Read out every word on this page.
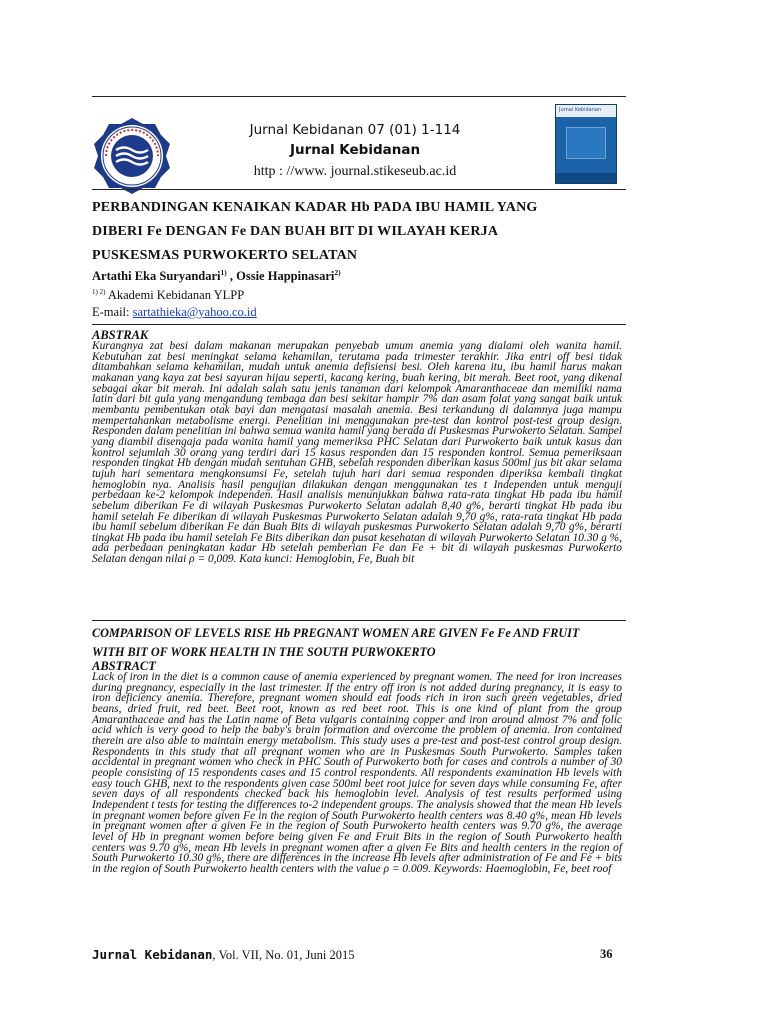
Jurnal Kebidanan 07 (01) 1-114
Jurnal Kebidanan
http : //www. journal.stikeseub.ac.id
Jurnal Kebidanan
PERBANDINGAN KENAIKAN KADAR Hb PADA IBU HAMIL YANG
DIBERI Fe DENGAN Fe DAN BUAH BIT DI WILAYAH KERJA
PUSKESMAS PURWOKERTO SELATAN
Artathi Eka Suryandari$^{1)}$ , Ossie Happinasari$^{2)}$
$^{1) 2)}$ Akademi Kebidanan YLPP
E-mail: sartathieka@yahoo.co.id
ABSTRAK
Kurangnya zat besi dalam makanan merupakan penyebab umum anemia yang dialami oleh wanita hamil. Kebutuhan zat besi meningkat selama kehamilan, terutama pada trimester terakhir. Jika entri off besi tidak ditambahkan selama kehamilan, mudah untuk anemia defisiensi besi. Oleh karena itu, ibu hamil harus makan makanan yang kaya zat besi sayuran hijau seperti, kacang kering, buah kering, bit merah. Beet root, yang dikenal sebagai akar bit merah. Ini adalah salah satu jenis tanaman dari kelompok Amaranthaceae dan memiliki nama latin dari bit gula yang mengandung tembaga dan besi sekitar hampir 7% dan asam folat yang sangat baik untuk membantu pembentukan otak bayi dan mengatasi masalah anemia. Besi terkandung di dalamnya juga mampu mempertahankan metabolisme energi. Penelitian ini menggunakan pre-test dan kontrol post-test group design. Responden dalam penelitian ini bahwa semua wanita hamil yang berada di Puskesmas Purwokerto Selatan. Sampel yang diambil disengaja pada wanita hamil yang memeriksa PHC Selatan dari Purwokerto baik untuk kasus dan kontrol sejumlah 30 orang yang terdiri dari 15 kasus responden dan 15 responden kontrol. Semua pemeriksaan responden tingkat Hb dengan mudah sentuhan GHB, sebelah responden diberikan kasus 500ml jus bit akar selama tujuh hari sementara mengkonsumsi Fe, setelah tujuh hari dari semua responden diperiksa kembali tingkat hemoglobin nya. Analisis hasil pengujian dilakukan dengan menggunakan tes t Independen untuk menguji perbedaan ke-2 kelompok independen. Hasil analisis menunjukkan bahwa rata-rata tingkat Hb pada ibu hamil sebelum diberikan Fe di wilayah Puskesmas Purwokerto Selatan adalah 8,40 g%, berarti tingkat Hb pada ibu hamil setelah Fe diberikan di wilayah Puskesmas Purwokerto Selatan adalah 9,70 g%, rata-rata tingkat Hb pada ibu hamil sebelum diberikan Fe dan Buah Bits di wilayah puskesmas Purwokerto Selatan adalah 9,70 g%, berarti tingkat Hb pada ibu hamil setelah Fe Bits diberikan dan pusat kesehatan di wilayah Purwokerto Selatan 10.30 g %, ada perbedaan peningkatan kadar Hb setelah pemberian Fe dan Fe + bit di wilayah puskesmas Purwokerto Selatan dengan nilai ρ = 0,009. Kata kunci: Hemoglobin, Fe, Buah bit
COMPARISON OF LEVELS RISE Hb PREGNANT WOMEN ARE GIVEN Fe Fe AND FRUIT
WITH BIT OF WORK HEALTH IN THE SOUTH PURWOKERTO
ABSTRACT
Lack of iron in the diet is a common cause of anemia experienced by pregnant women. The need for iron increases during pregnancy, especially in the last trimester. If the entry off iron is not added during pregnancy, it is easy to iron deficiency anemia. Therefore, pregnant women should eat foods rich in iron such green vegetables, dried beans, dried fruit, red beet. Beet root, known as red beet root. This is one kind of plant from the group Amaranthaceae and has the Latin name of Beta vulgaris containing copper and iron around almost 7% and folic acid which is very good to help the baby's brain formation and overcome the problem of anemia. Iron contained therein are also able to maintain energy metabolism. This study uses a pre-test and post-test control group design. Respondents in this study that all pregnant women who are in Puskesmas South Purwokerto. Samples taken accidental in pregnant women who check in PHC South of Purwokerto both for cases and controls a number of 30 people consisting of 15 respondents cases and 15 control respondents. All respondents examination Hb levels with easy touch GHB, next to the respondents given case 500ml beet root juice for seven days while consuming Fe, after seven days of all respondents checked back his hemoglobin level. Analysis of test results performed using Independent t tests for testing the differences to-2 independent groups. The analysis showed that the mean Hb levels in pregnant women before given Fe in the region of South Purwokerto health centers was 8.40 g%, mean Hb levels in pregnant women after a given Fe in the region of South Purwokerto health centers was 9.70 g%, the average level of Hb in pregnant women before being given Fe and Fruit Bits in the region of South Purwokerto health centers was 9.70 g%, mean Hb levels in pregnant women after a given Fe Bits and health centers in the region of South Purwokerto 10.30 g%, there are differences in the increase Hb levels after administration of Fe and Fe + bits in the region of South Purwokerto health centers with the value ρ = 0.009. Keywords: Haemoglobin, Fe, beet roof
Jurnal Kebidanan, Vol. VII, No. 01, Juni 2015	36
